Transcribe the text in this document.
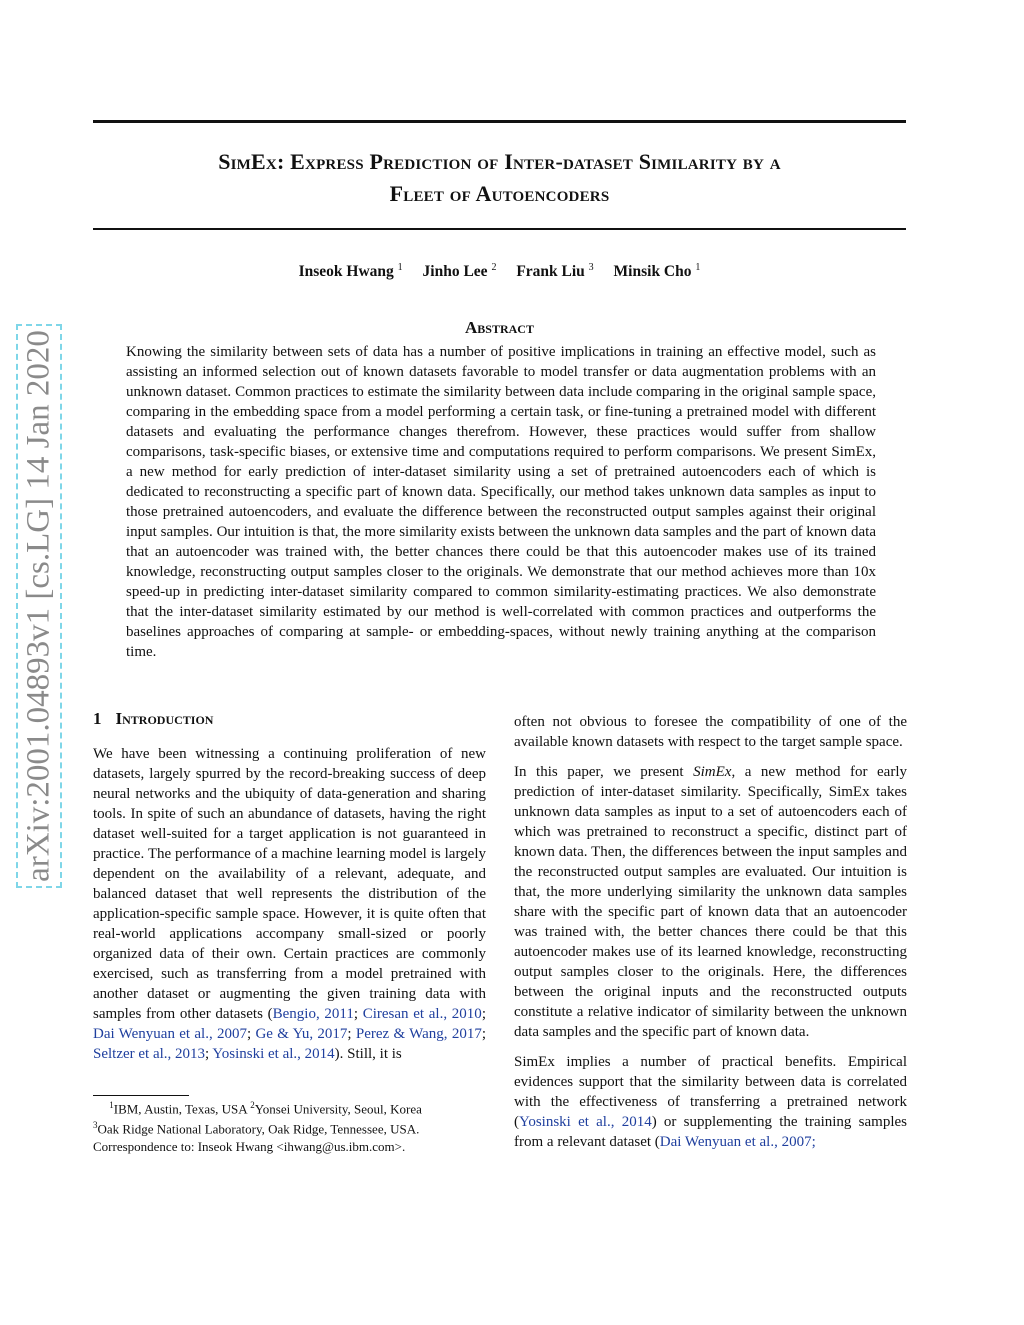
SimEx: Express Prediction of Inter-dataset Similarity by a
Fleet of Autoencoders
Inseok Hwang $^1$ Jinho Lee $^2$ Frank Liu $^3$ Minsik Cho $^1$
Abstract

Knowing the similarity between sets of data has a number of positive implications in training an effective model, such as assisting an informed selection out of known datasets favorable to model transfer or data augmentation problems with an unknown dataset. Common practices to estimate the similarity between data include comparing in the original sample space, comparing in the embedding space from a model performing a certain task, or fine-tuning a pretrained model with different datasets and evaluating the performance changes therefrom. However, these practices would suffer from shallow comparisons, task-specific biases, or extensive time and computations required to perform comparisons. We present SimEx, a new method for early prediction of inter-dataset similarity using a set of pretrained autoencoders each of which is dedicated to reconstructing a specific part of known data. Specifically, our method takes unknown data samples as input to those pretrained autoencoders, and evaluate the difference between the reconstructed output samples against their original input samples. Our intuition is that, the more similarity exists between the unknown data samples and the part of known data that an autoencoder was trained with, the better chances there could be that this autoencoder makes use of its trained knowledge, reconstructing output samples closer to the originals. We demonstrate that our method achieves more than 10x speed-up in predicting inter-dataset similarity compared to common similarity-estimating practices. We also demonstrate that the inter-dataset similarity estimated by our method is well-correlated with common practices and outperforms the baselines approaches of comparing at sample- or embedding-spaces, without newly training anything at the comparison time.

arXiv:2001.04893v1 [cs.LG] 14 Jan 2020 1 Introduction

We have been witnessing a continuing proliferation of new datasets, largely spurred by the record-breaking success of deep neural networks and the ubiquity of data-generation and sharing tools. In spite of such an abundance of datasets, having the right dataset well-suited for a target application is not guaranteed in practice. The performance of a machine learning model is largely dependent on the availability of a relevant, adequate, and balanced dataset that well represents the distribution of the application-specific sample space. However, it is quite often that real-world applications accompany small-sized or poorly organized data of their own. Certain practices are commonly exercised, such as transferring from a model pretrained with another dataset or augmenting the given training data with samples from other datasets (Bengio, 2011; Ciresan et al., 2010; Dai Wenyuan et al., 2007; Ge & Yu, 2017; Perez & Wang, 2017; Seltzer et al., 2013; Yosinski et al., 2014). Still, it is

$^1$IBM, Austin, Texas, USA $^2$Yonsei University, Seoul, Korea
$^3$Oak Ridge National Laboratory, Oak Ridge, Tennessee, USA.
Correspondence to: Inseok Hwang <ihwang@us.ibm.com>.

often not obvious to foresee the compatibility of one of the available known datasets with respect to the target sample space.

In this paper, we present SimEx, a new method for early prediction of inter-dataset similarity. Specifically, SimEx takes unknown data samples as input to a set of autoencoders each of which was pretrained to reconstruct a specific, distinct part of known data. Then, the differences between the input samples and the reconstructed output samples are evaluated. Our intuition is that, the more underlying similarity the unknown data samples share with the specific part of known data that an autoencoder was trained with, the better chances there could be that this autoencoder makes use of its learned knowledge, reconstructing output samples closer to the originals. Here, the differences between the original inputs and the reconstructed outputs constitute a relative indicator of similarity between the unknown data samples and the specific part of known data.

SimEx implies a number of practical benefits. Empirical evidences support that the similarity between data is correlated with the effectiveness of transferring a pretrained network (Yosinski et al., 2014) or supplementing the training samples from a relevant dataset (Dai Wenyuan et al., 2007;
